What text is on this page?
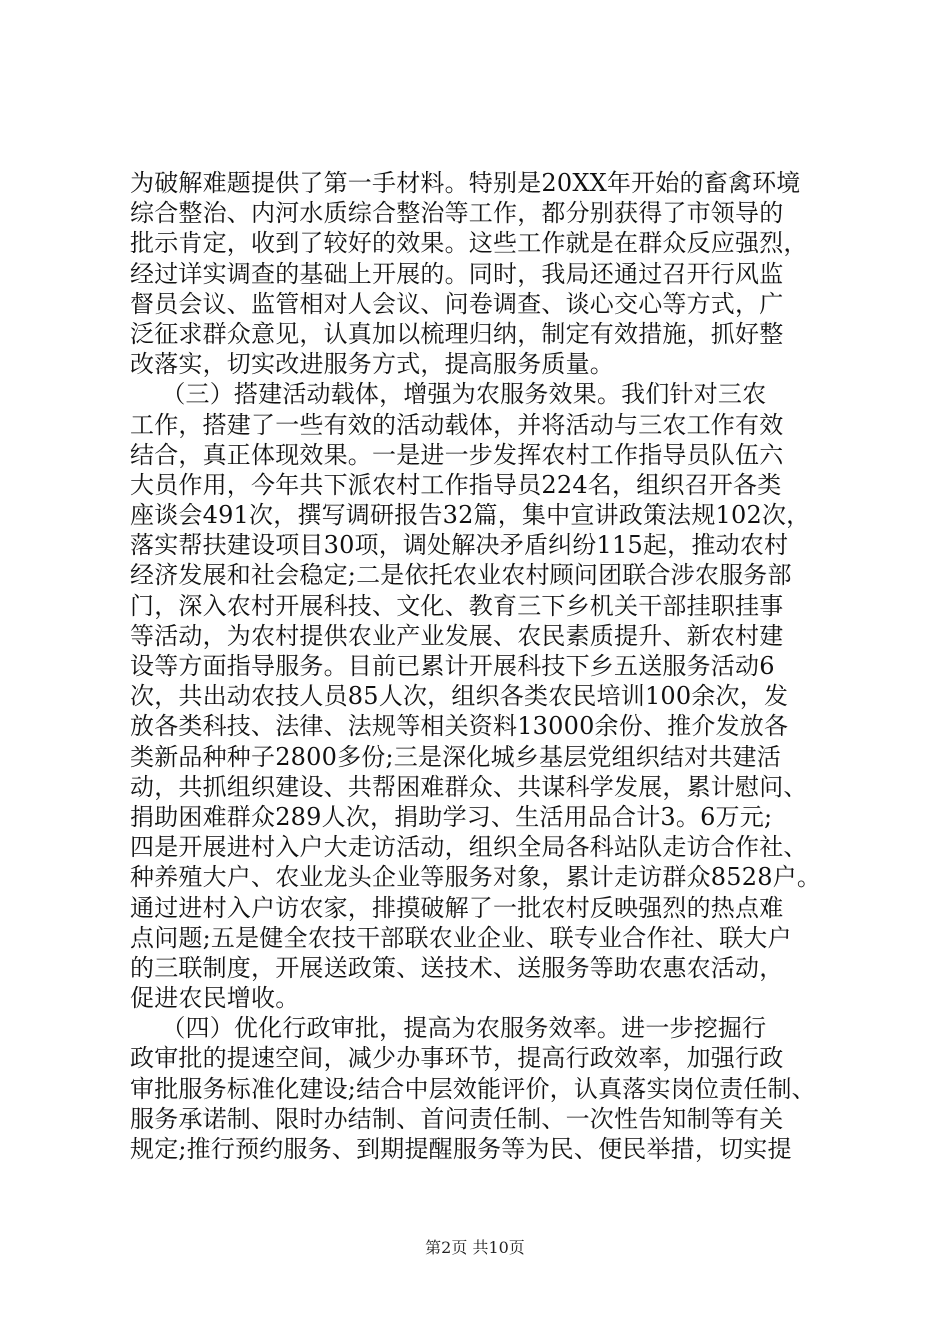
为破解难题提供了第一手材料。特别是20XX年开始的畜禽环境
综合整治、内河水质综合整治等工作，都分别获得了市领导的
批示肯定，收到了较好的效果。这些工作就是在群众反应强烈，
经过详实调查的基础上开展的。同时，我局还通过召开行风监
督员会议、监管相对人会议、问卷调查、谈心交心等方式，广
泛征求群众意见，认真加以梳理归纳，制定有效措施，抓好整
改落实，切实改进服务方式，提高服务质量。
（三）搭建活动载体，增强为农服务效果。我们针对三农
工作，搭建了一些有效的活动载体，并将活动与三农工作有效
结合，真正体现效果。一是进一步发挥农村工作指导员队伍六
大员作用，今年共下派农村工作指导员224名，组织召开各类
座谈会491次，撰写调研报告32篇，集中宣讲政策法规102次，
落实帮扶建设项目30项，调处解决矛盾纠纷115起，推动农村
经济发展和社会稳定;二是依托农业农村顾问团联合涉农服务部
门，深入农村开展科技、文化、教育三下乡机关干部挂职挂事
等活动，为农村提供农业产业发展、农民素质提升、新农村建
设等方面指导服务。目前已累计开展科技下乡五送服务活动6
次，共出动农技人员85人次，组织各类农民培训100余次，发
放各类科技、法律、法规等相关资料13000余份、推介发放各
类新品种种子2800多份;三是深化城乡基层党组织结对共建活
动，共抓组织建设、共帮困难群众、共谋科学发展，累计慰问、
捐助困难群众289人次，捐助学习、生活用品合计3。6万元;
四是开展进村入户大走访活动，组织全局各科站队走访合作社、
种养殖大户、农业龙头企业等服务对象，累计走访群众8528户。
通过进村入户访农家，排摸破解了一批农村反映强烈的热点难
点问题;五是健全农技干部联农业企业、联专业合作社、联大户
的三联制度，开展送政策、送技术、送服务等助农惠农活动，
促进农民增收。
（四）优化行政审批，提高为农服务效率。进一步挖掘行
政审批的提速空间，减少办事环节，提高行政效率，加强行政
审批服务标准化建设;结合中层效能评价，认真落实岗位责任制、
服务承诺制、限时办结制、首问责任制、一次性告知制等有关
规定;推行预约服务、到期提醒服务等为民、便民举措，切实提
第2页 共10页
